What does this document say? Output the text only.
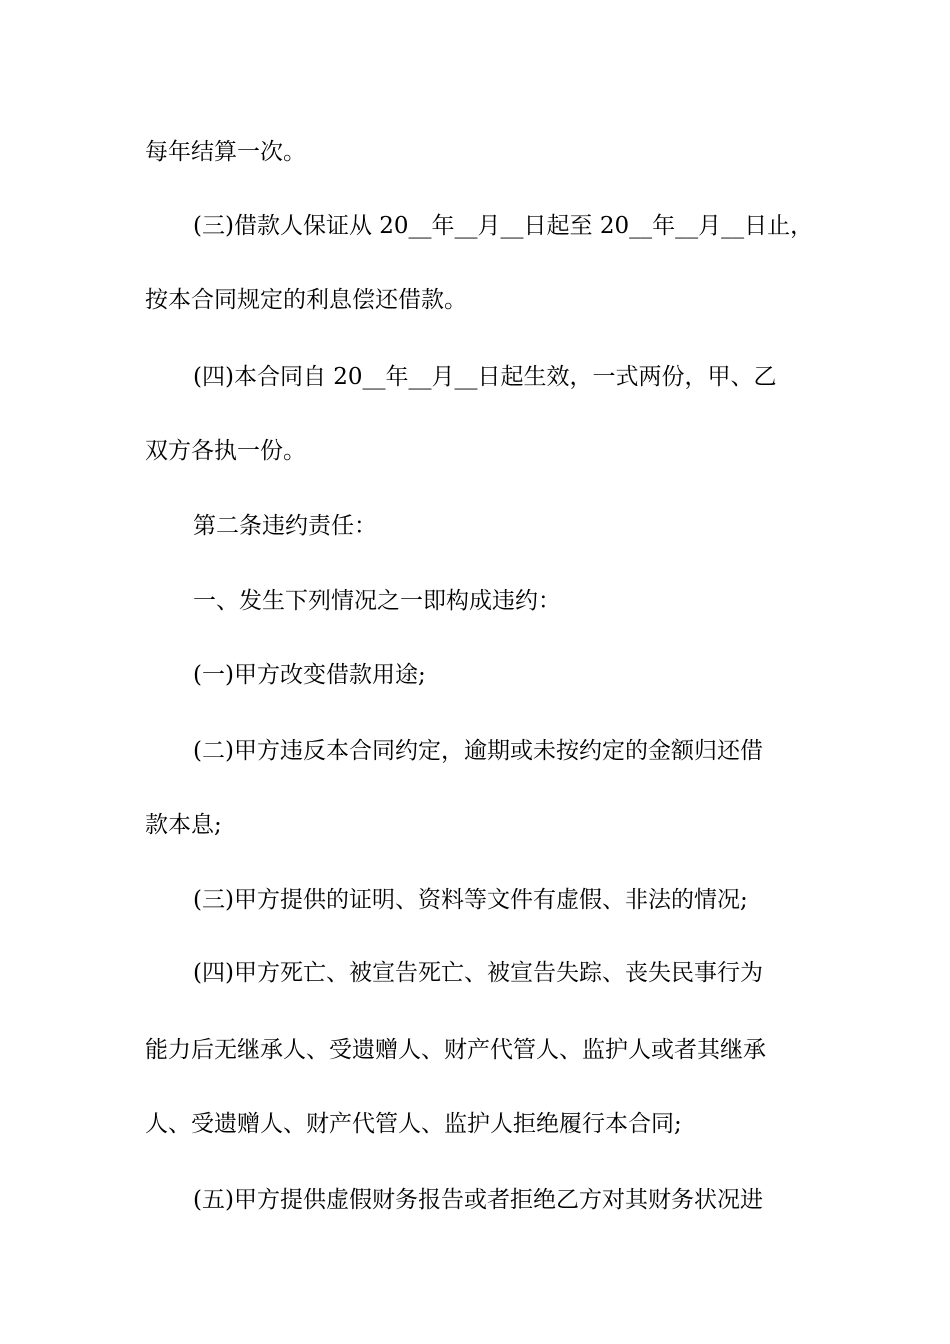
每年结算一次。
(三)借款人保证从 20__年__月__日起至 20__年__月__日止，
按本合同规定的利息偿还借款。
(四)本合同自 20__年__月__日起生效，一式两份，甲、乙
双方各执一份。
第二条违约责任：
一、发生下列情况之一即构成违约：
(一)甲方改变借款用途;
(二)甲方违反本合同约定，逾期或未按约定的金额归还借
款本息;
(三)甲方提供的证明、资料等文件有虚假、非法的情况;
(四)甲方死亡、被宣告死亡、被宣告失踪、丧失民事行为
能力后无继承人、受遗赠人、财产代管人、监护人或者其继承
人、受遗赠人、财产代管人、监护人拒绝履行本合同;
(五)甲方提供虚假财务报告或者拒绝乙方对其财务状况进
